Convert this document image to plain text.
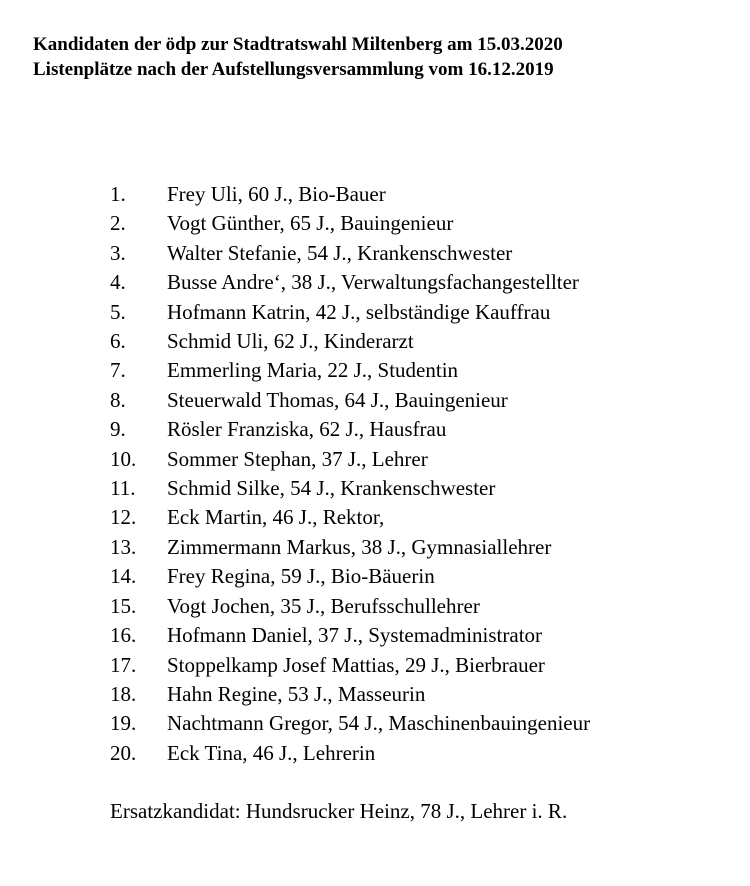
Kandidaten der ödp zur Stadtratswahl Miltenberg am 15.03.2020
Listenplätze nach der Aufstellungsversammlung vom 16.12.2019
1.	Frey Uli, 60 J., Bio-Bauer
2.	Vogt Günther, 65 J., Bauingenieur
3.	Walter Stefanie, 54 J., Krankenschwester
4.	Busse Andre‘, 38 J., Verwaltungsfachangestellter
5.	Hofmann Katrin, 42 J., selbständige Kauffrau
6.	Schmid Uli, 62 J., Kinderarzt
7.	Emmerling Maria, 22 J., Studentin
8.	Steuerwald Thomas, 64 J., Bauingenieur
9.	Rösler Franziska, 62 J., Hausfrau
10.	Sommer Stephan, 37 J., Lehrer
11.	Schmid Silke, 54 J., Krankenschwester
12.	Eck Martin, 46 J., Rektor,
13.	Zimmermann Markus, 38 J., Gymnasiallehrer
14.	Frey Regina, 59 J., Bio-Bäuerin
15.	Vogt Jochen, 35 J., Berufsschullehrer
16.	Hofmann Daniel, 37 J., Systemadministrator
17.	Stoppelkamp Josef Mattias, 29 J., Bierbrauer
18.	Hahn Regine, 53 J., Masseurin
19.	Nachtmann Gregor, 54 J., Maschinenbauingenieur
20.	Eck Tina, 46 J., Lehrerin
Ersatzkandidat: Hundsrucker Heinz, 78 J., Lehrer i. R.
